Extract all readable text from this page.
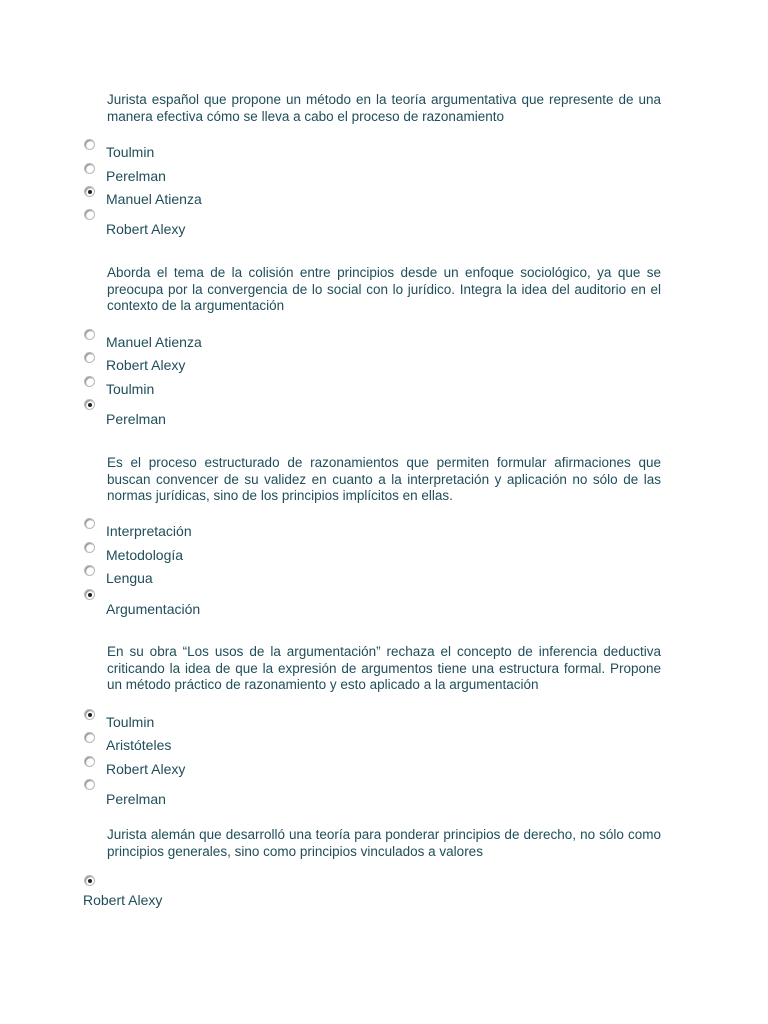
Jurista español que propone un método en la teoría argumentativa que represente de una manera efectiva cómo se lleva a cabo el proceso de razonamiento

Toulmin
Perelman
Manuel Atienza
Robert Alexy

Aborda el tema de la colisión entre principios desde un enfoque sociológico, ya que se preocupa por la convergencia de lo social con lo jurídico. Integra la idea del auditorio en el contexto de la argumentación

Manuel Atienza
Robert Alexy
Toulmin
Perelman

Es el proceso estructurado de razonamientos que permiten formular afirmaciones que buscan convencer de su validez en cuanto a la interpretación y aplicación no sólo de las normas jurídicas, sino de los principios implícitos en ellas.

Interpretación
Metodología
Lengua
Argumentación

En su obra “Los usos de la argumentación” rechaza el concepto de inferencia deductiva criticando la idea de que la expresión de argumentos tiene una estructura formal. Propone un método práctico de razonamiento y esto aplicado a la argumentación

Toulmin
Aristóteles
Robert Alexy
Perelman

Jurista alemán que desarrolló una teoría para ponderar principios de derecho, no sólo como principios generales, sino como principios vinculados a valores

Robert Alexy
